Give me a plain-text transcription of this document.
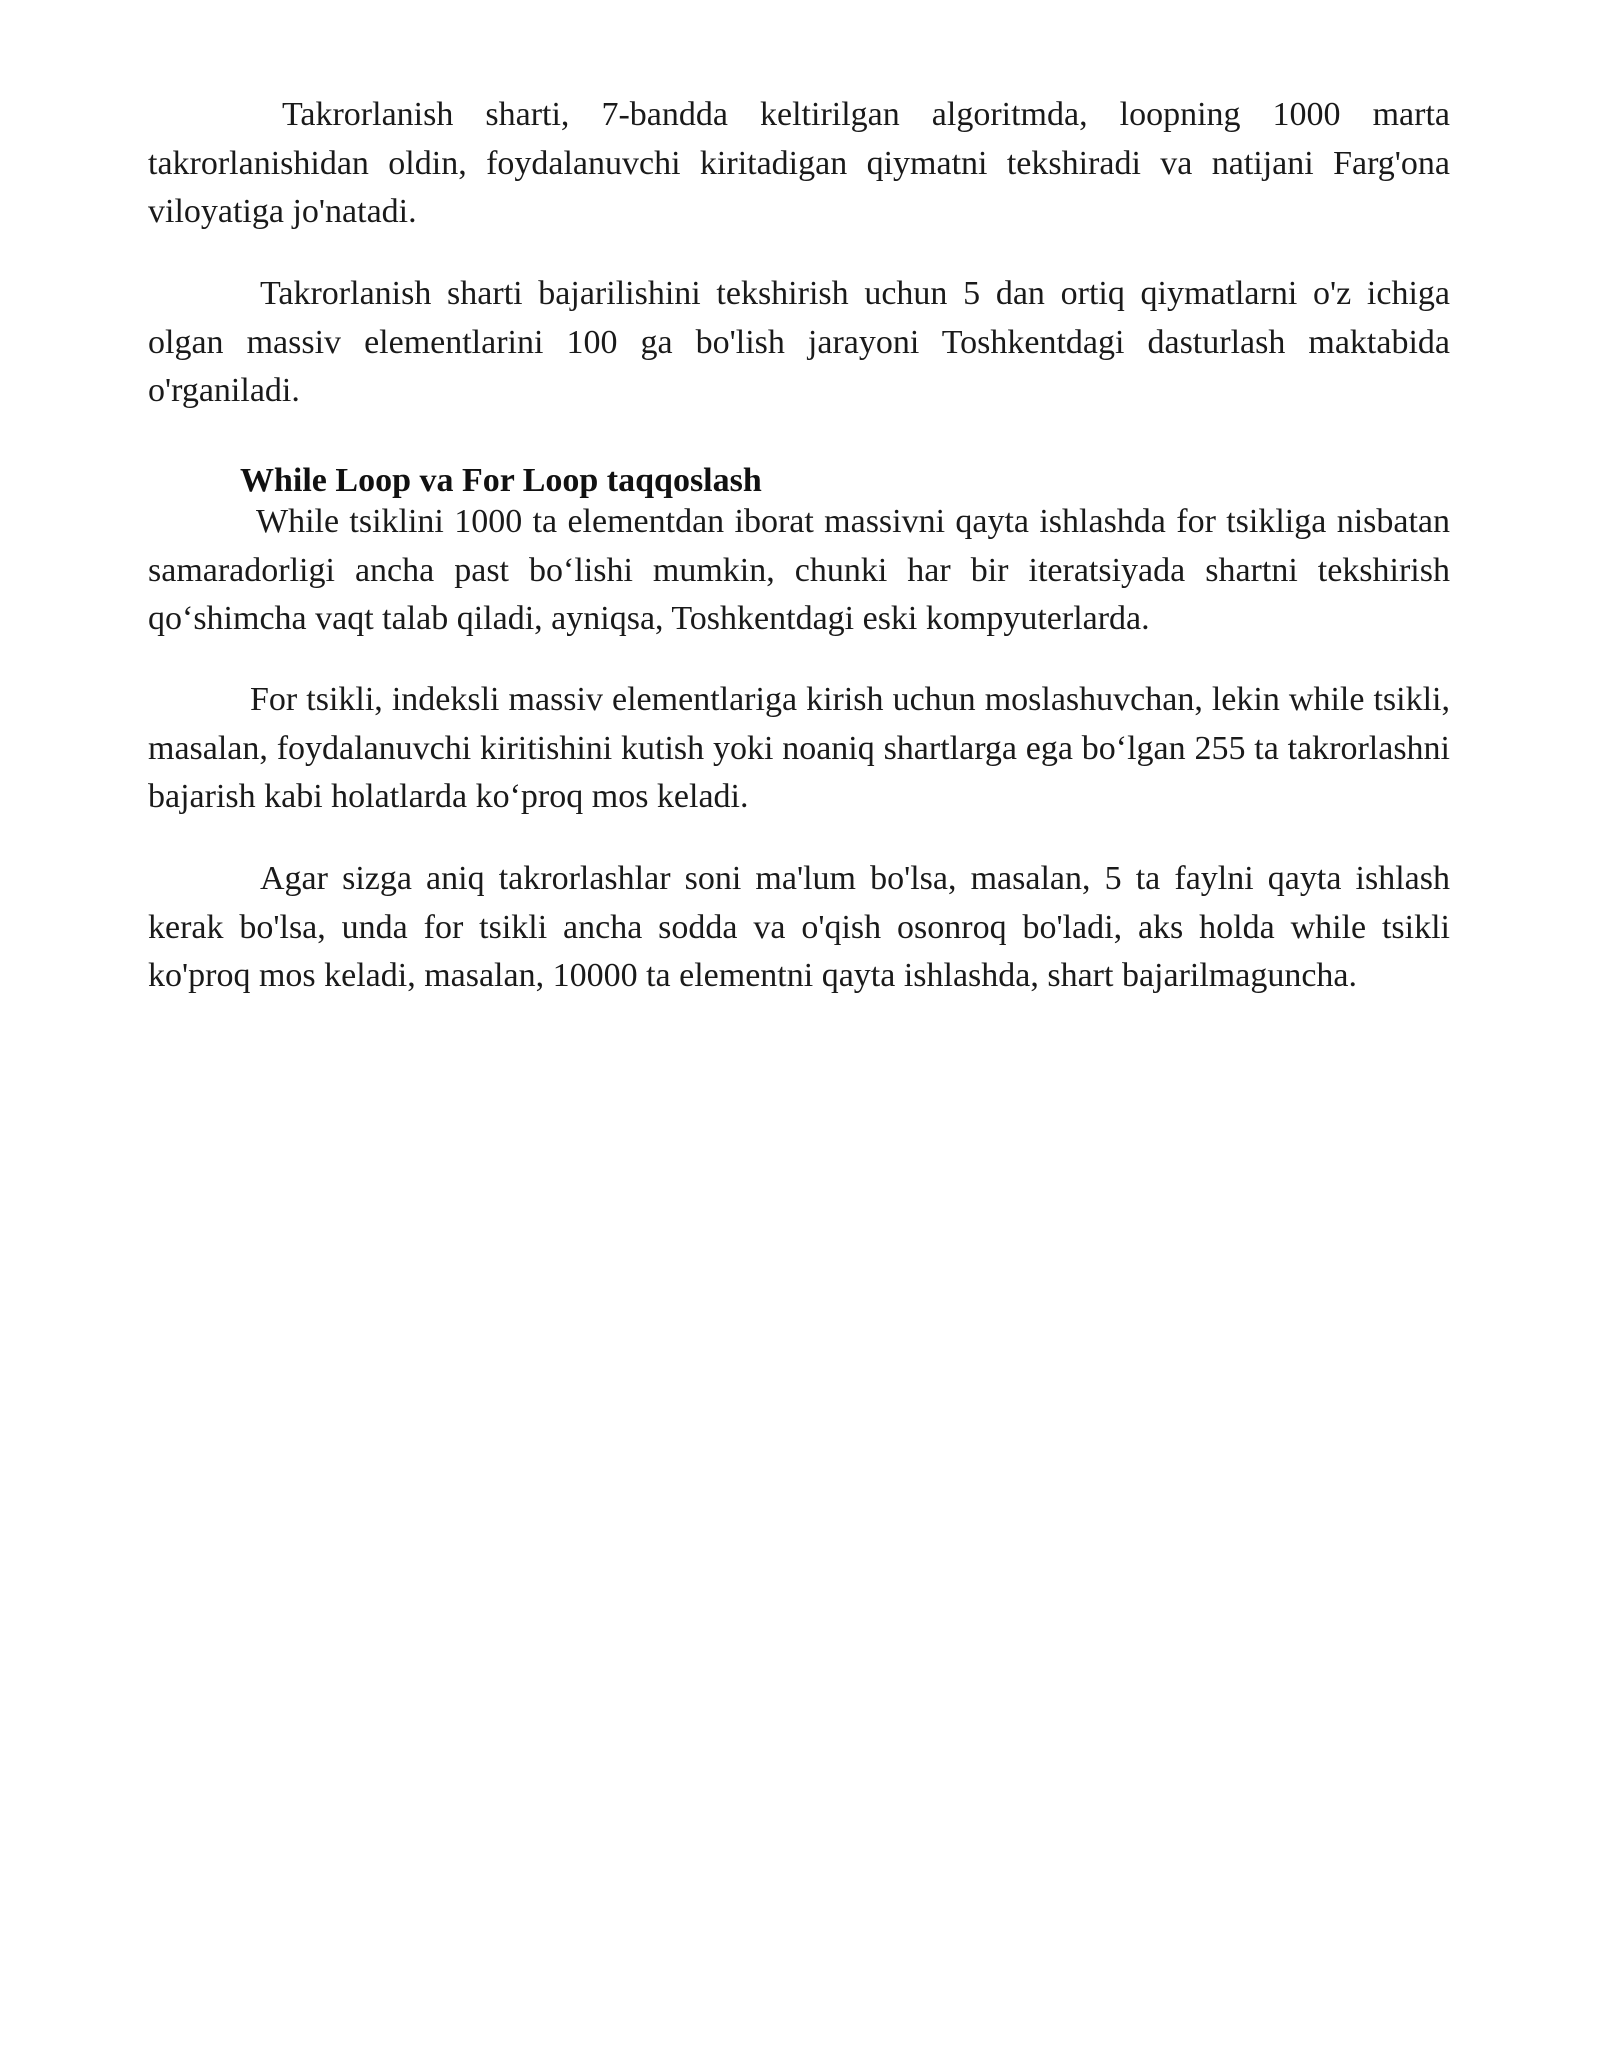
Takrorlanish sharti, 7-bandda keltirilgan algoritmda, loopning 1000 marta takrorlanishidan oldin, foydalanuvchi kiritadigan qiymatni tekshiradi va natijani Farg'ona viloyatiga jo'natadi.

Takrorlanish sharti bajarilishini tekshirish uchun 5 dan ortiq qiymatlarni o'z ichiga olgan massiv elementlarini 100 ga bo'lish jarayoni Toshkentdagi dasturlash maktabida o'rganiladi.

While Loop va For Loop taqqoslash

While tsiklini 1000 ta elementdan iborat massivni qayta ishlashda for tsikliga nisbatan samaradorligi ancha past bo‘lishi mumkin, chunki har bir iteratsiyada shartni tekshirish qo‘shimcha vaqt talab qiladi, ayniqsa, Toshkentdagi eski kompyuterlarda.

For tsikli, indeksli massiv elementlariga kirish uchun moslashuvchan, lekin while tsikli, masalan, foydalanuvchi kiritishini kutish yoki noaniq shartlarga ega bo‘lgan 255 ta takrorlashni bajarish kabi holatlarda ko‘proq mos keladi.

Agar sizga aniq takrorlashlar soni ma'lum bo'lsa, masalan, 5 ta faylni qayta ishlash kerak bo'lsa, unda for tsikli ancha sodda va o'qish osonroq bo'ladi, aks holda while tsikli ko'proq mos keladi, masalan, 10000 ta elementni qayta ishlashda, shart bajarilmaguncha.
